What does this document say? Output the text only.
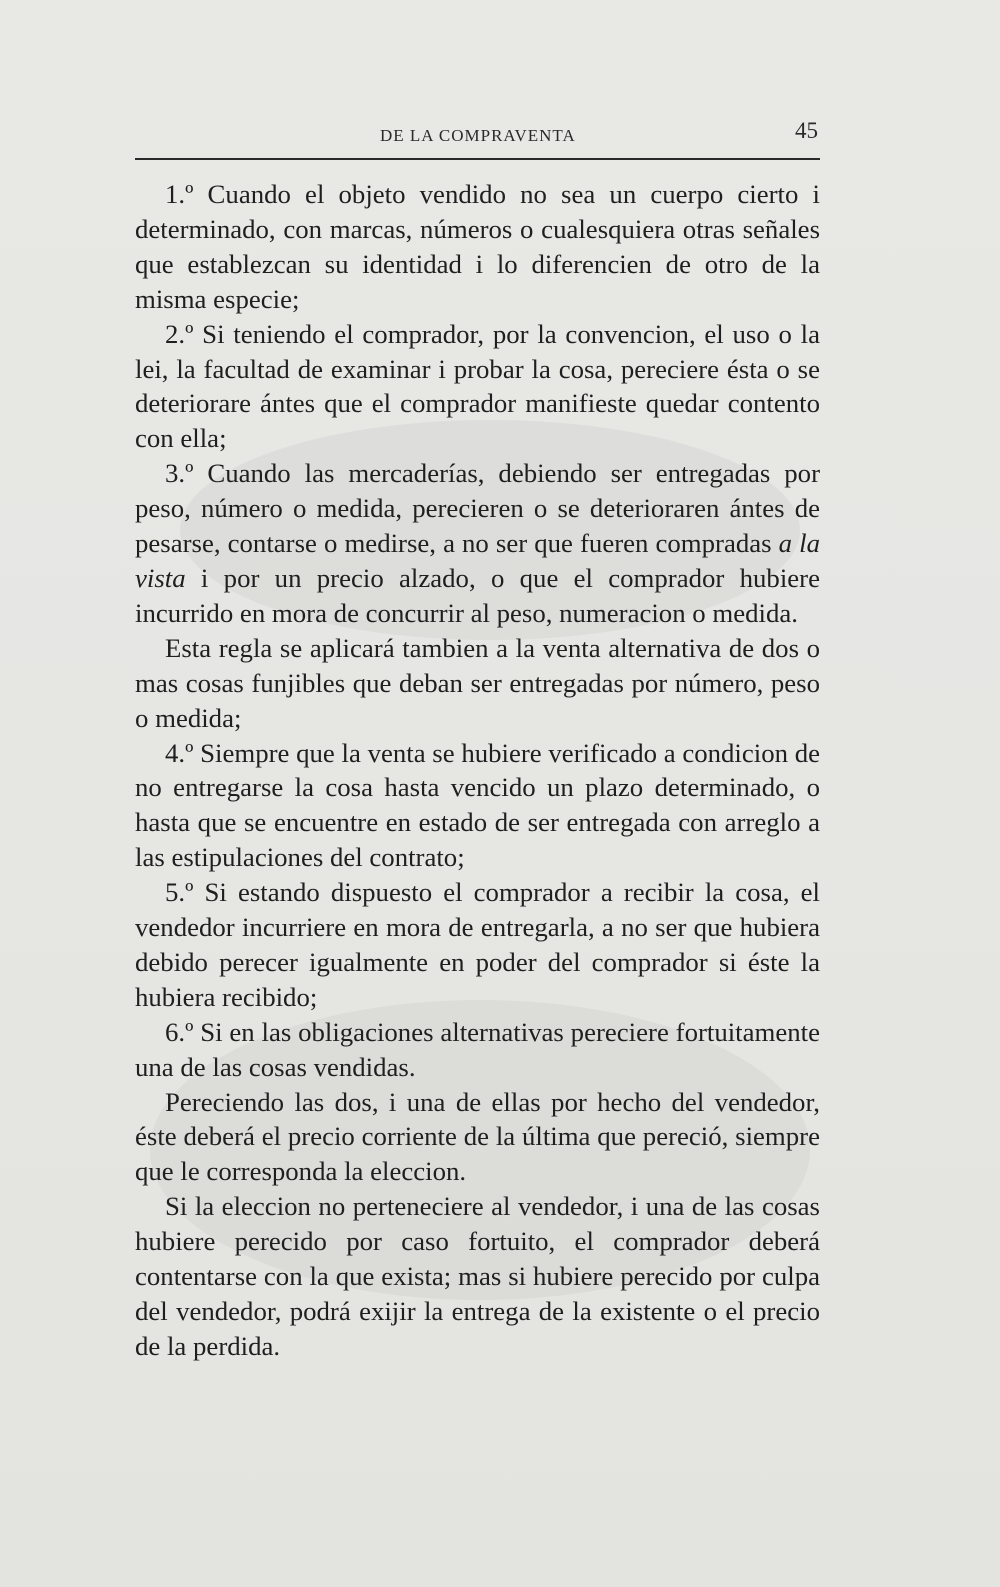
DE LA COMPRAVENTA	45

1.º Cuando el objeto vendido no sea un cuerpo cierto i determinado, con marcas, números o cualesquiera otras señales que establezcan su identidad i lo diferencien de otro de la misma especie;

2.º Si teniendo el comprador, por la convencion, el uso o la lei, la facultad de examinar i probar la cosa, pereciere ésta o se deteriorare ántes que el comprador manifieste quedar contento con ella;

3.º Cuando las mercaderías, debiendo ser entregadas por peso, número o medida, perecieren o se deterioraren ántes de pesarse, contarse o medirse, a no ser que fueren compradas a la vista i por un precio alzado, o que el comprador hubiere incurrido en mora de concurrir al peso, numeracion o medida.

Esta regla se aplicará tambien a la venta alternativa de dos o mas cosas funjibles que deban ser entregadas por número, peso o medida;

4.º Siempre que la venta se hubiere verificado a condicion de no entregarse la cosa hasta vencido un plazo determinado, o hasta que se encuentre en estado de ser entregada con arreglo a las estipulaciones del contrato;

5.º Si estando dispuesto el comprador a recibir la cosa, el vendedor incurriere en mora de entregarla, a no ser que hubiera debido perecer igualmente en poder del comprador si éste la hubiera recibido;

6.º Si en las obligaciones alternativas pereciere fortuitamente una de las cosas vendidas.

Pereciendo las dos, i una de ellas por hecho del vendedor, éste deberá el precio corriente de la última que pereció, siempre que le corresponda la eleccion.

Si la eleccion no perteneciere al vendedor, i una de las cosas hubiere perecido por caso fortuito, el comprador deberá contentarse con la que exista; mas si hubiere perecido por culpa del vendedor, podrá exijir la entrega de la existente o el precio de la perdida.
